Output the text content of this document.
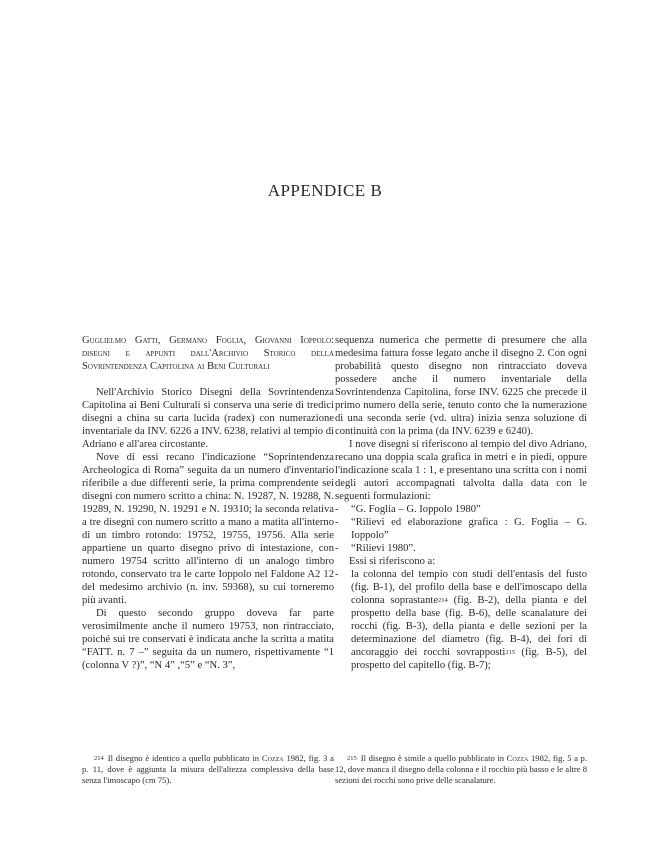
APPENDICE B

Guglielmo Gatti, Germano Foglia, Giovanni Ioppolo: disegni e appunti dall'Archivio Storico della Sovrintendenza Capitolina ai Beni Culturali

Nell'Archivio Storico Disegni della Sovrintendenza Capitolina ai Beni Culturali si conserva una serie di tredici disegni a china su carta lucida (radex) con numerazione inventariale da INV. 6226 a INV. 6238, relativi al tempio di Adriano e all'area circostante.

Nove di essi recano l'indicazione “Soprintendenza Archeologica di Roma” seguita da un numero d'inventario riferibile a due differenti serie, la prima comprendente sei disegni con numero scritto a china: N. 19287, N. 19288, N. 19289, N. 19290, N. 19291 e N. 19310; la seconda relativa a tre disegni con numero scritto a mano a matita all'interno di un timbro rotondo: 19752, 19755, 19756. Alla serie appartiene un quarto disegno privo di intestazione, con numero 19754 scritto all'interno di un analogo timbro rotondo, conservato tra le carte Ioppolo nel Faldone A2 12 del medesimo archivio (n. inv. 59368), su cui torneremo più avanti.

Di questo secondo gruppo doveva far parte verosimilmente anche il numero 19753, non rintracciato, poiché sui tre conservati è indicata anche la scritta a matita “FATT. n. 7 –” seguita da un numero, rispettivamente “1 (colonna V ?)”, “N 4” ,“5” e “N. 3”,

sequenza numerica che permette di presumere che alla medesima fattura fosse legato anche il disegno 2. Con ogni probabilità questo disegno non rintracciato doveva possedere anche il numero inventariale della Sovrintendenza Capitolina, forse INV. 6225 che precede il primo numero della serie, tenuto conto che la numerazione di una seconda serie (vd. ultra) inizia senza soluzione di continuità con la prima (da INV. 6239 e 6240).

I nove disegni si riferiscono al tempio del divo Adriano, recano una doppia scala grafica in metri e in piedi, oppure l'indicazione scala 1 : 1, e presentano una scritta con i nomi degli autori accompagnati talvolta dalla data con le seguenti formulazioni:

- “G. Foglia – G. Ioppolo 1980”
- “Rilievi ed elaborazione grafica : G. Foglia – G. Ioppolo”
- “Rilievi 1980”.

Essi si riferiscono a:

- la colonna del tempio con studi dell'entasis del fusto (fig. B-1), del profilo della base e dell'imoscapo della colonna soprastante$^{214}$ (fig. B-2), della pianta e del prospetto della base (fig. B-6), delle scanalature dei rocchi (fig. B-3), della pianta e delle sezioni per la determinazione del diametro (fig. B-4), dei fori di ancoraggio dei rocchi sovrapposti$^{215}$ (fig. B-5), del prospetto del capitello (fig. B-7);
$^{214}$ Il disegno è identico a quello pubblicato in Cozza 1982, fig. 3 a p. 11, dove è aggiunta la misura dell'altezza complessiva della base senza l'imoscapo (cm 75).
$^{215}$ Il disegno è simile a quello pubblicato in Cozza 1982, fig. 5 a p. 12, dove manca il disegno della colonna e il rocchio più basso e le altre 8 sezioni dei rocchi sono prive delle scanalature.
